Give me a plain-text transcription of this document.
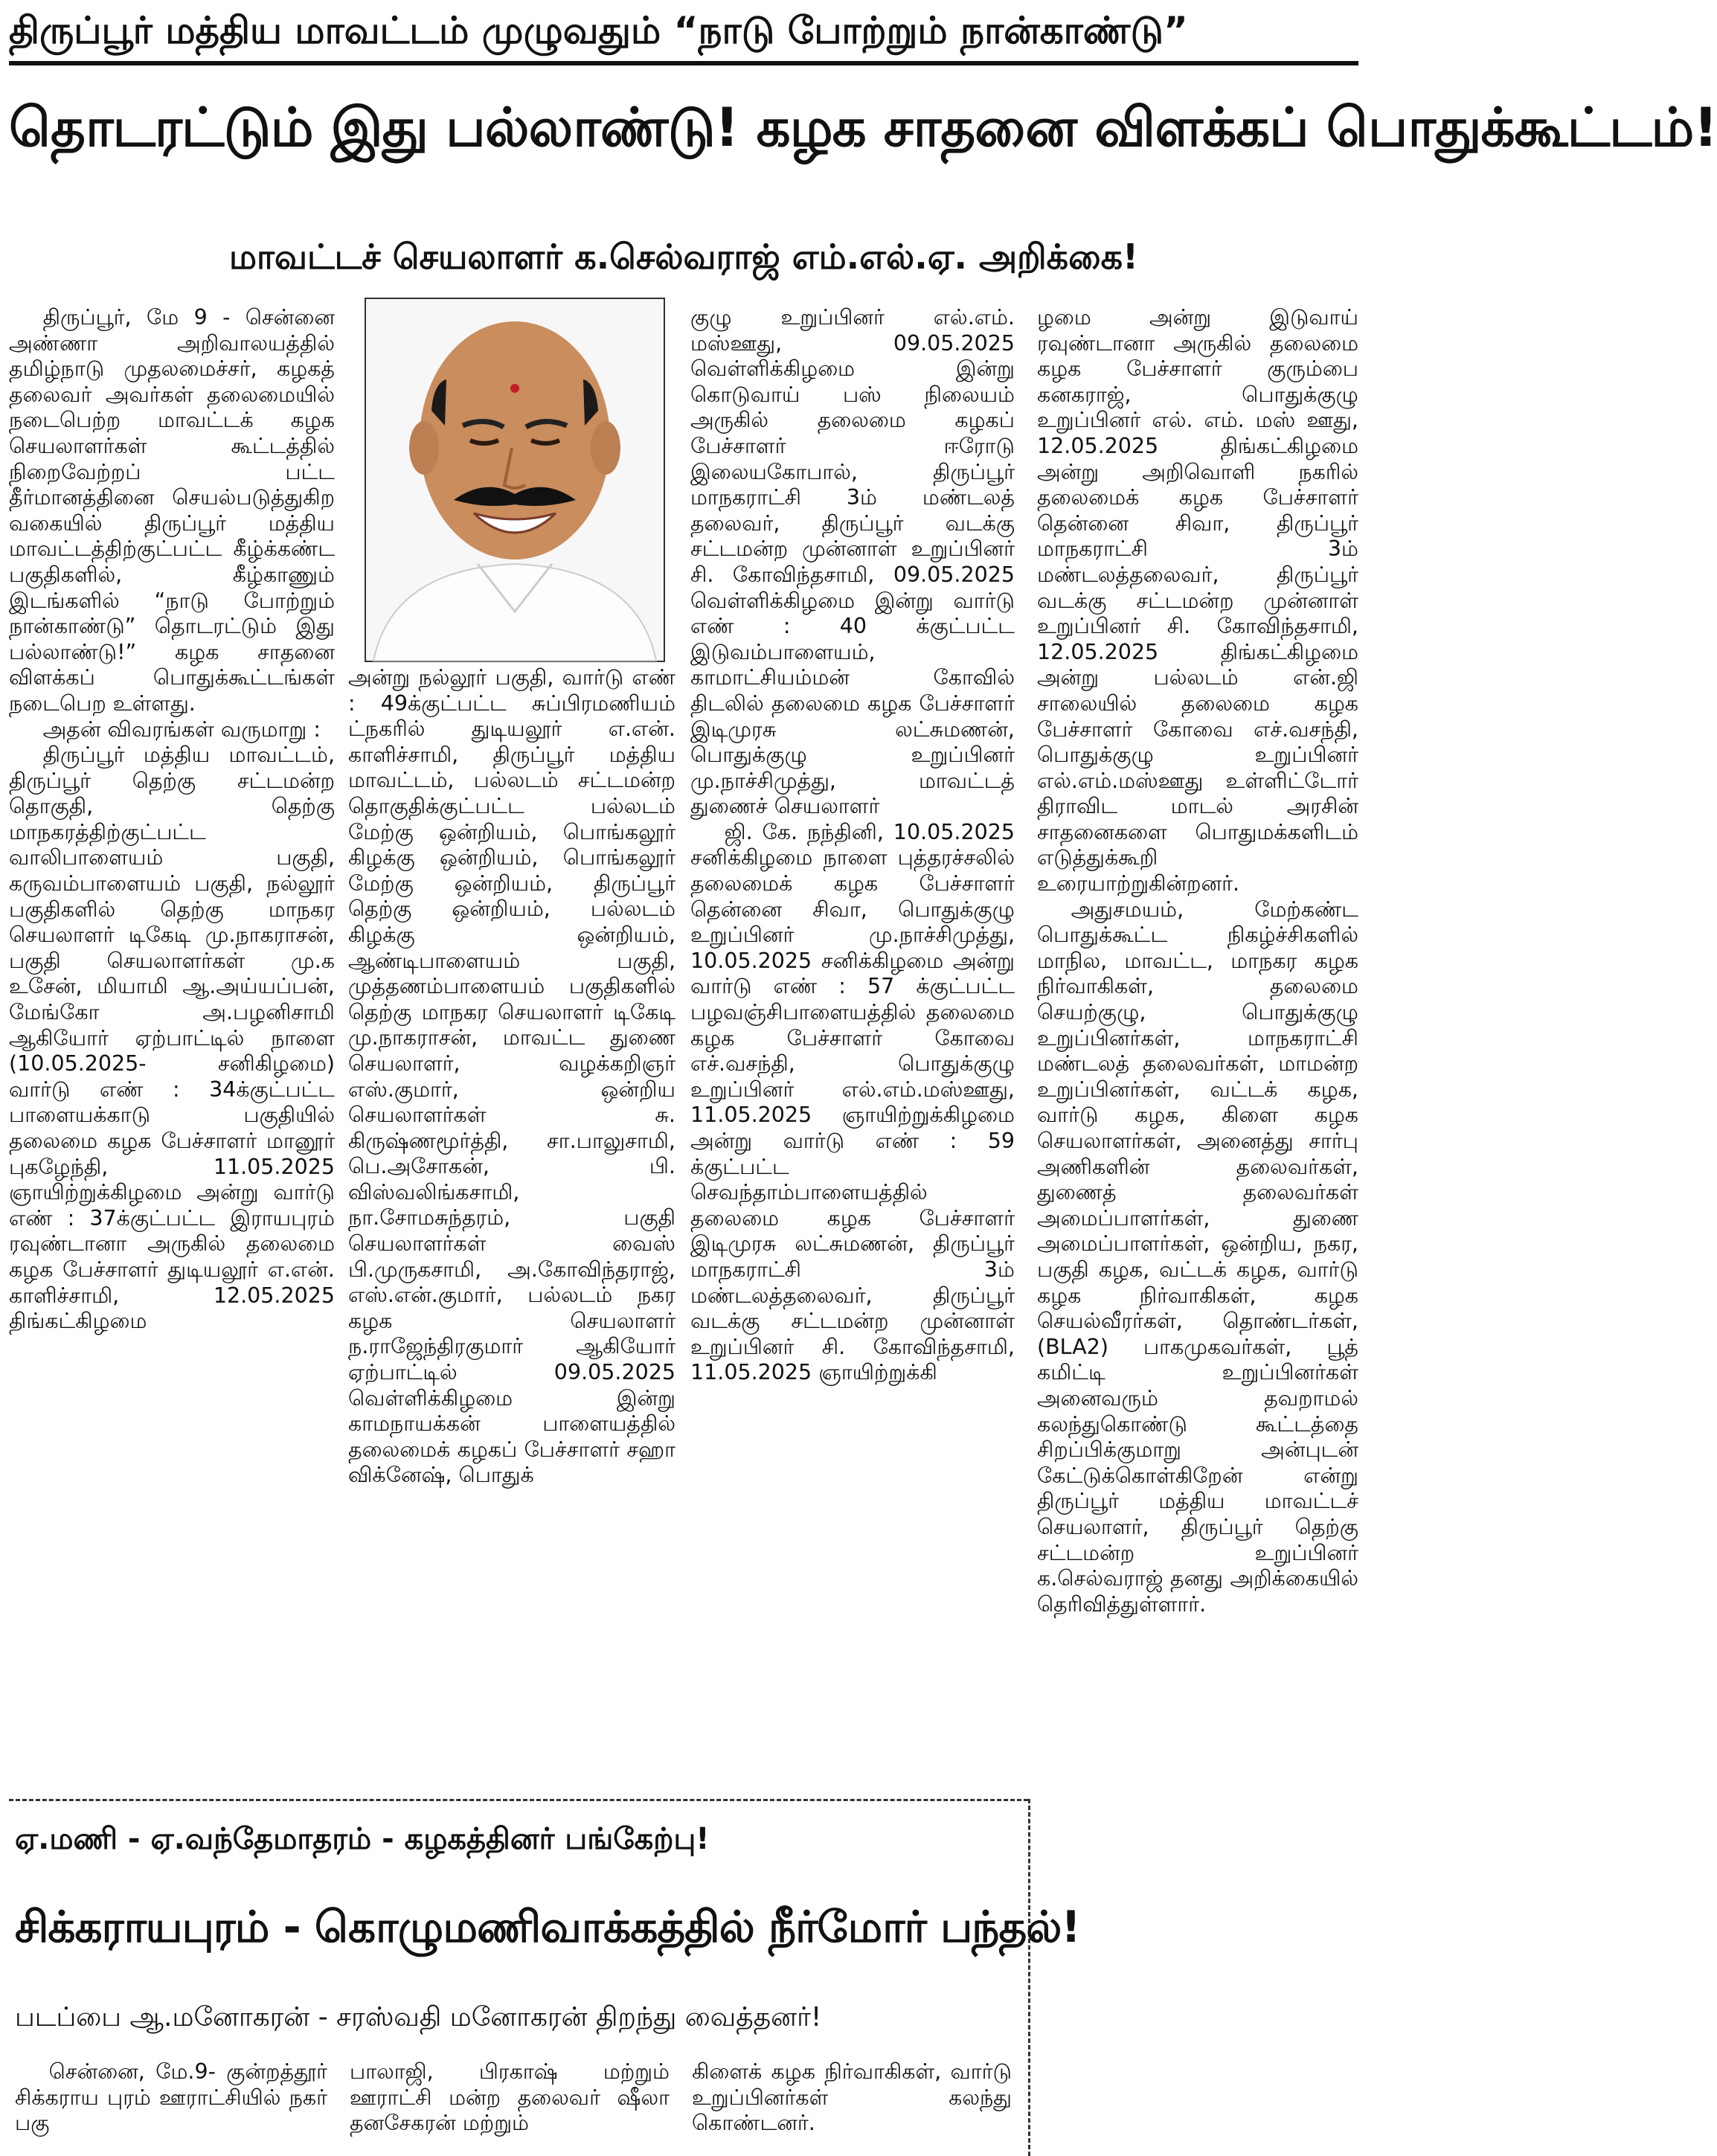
திருப்பூர் மத்திய மாவட்டம் முழுவதும் “நாடு போற்றும் நான்காண்டு”
தொடரட்டும் இது பல்லாண்டு! கழக சாதனை விளக்கப் பொதுக்கூட்டம்!
மாவட்டச் செயலாளர் க.செல்வராஜ் எம்.எல்.ஏ. அறிக்கை!

திருப்பூர், மே 9 - சென்னை அண்ணா அறிவாலயத்தில் தமிழ்நாடு முதலமைச்சர், கழகத் தலைவர் அவர்கள் தலைமையில் நடைபெற்ற மாவட்டக் கழக செயலாளர்கள் கூட்டத்தில் நிறைவேற்றப் பட்ட தீர்மானத்தினை செயல்படுத்துகிற வகையில் திருப்பூர் மத்திய மாவட்டத்திற்குட்பட்ட கீழ்க்கண்ட பகுதிகளில், கீழ்காணும் இடங்களில் “நாடு போற்றும் நான்காண்டு” தொடரட்டும் இது பல்லாண்டு!” கழக சாதனை விளக்கப் பொதுக்கூட்டங்கள் நடைபெற உள்ளது.

அதன் விவரங்கள் வருமாறு :

திருப்பூர் மத்திய மாவட்டம், திருப்பூர் தெற்கு சட்டமன்ற தொகுதி, தெற்கு மாநகரத்திற்குட்பட்ட வாலிபாளையம் பகுதி, கருவம்பாளையம் பகுதி, நல்லூர் பகுதிகளில் தெற்கு மாநகர செயலாளர் டிகேடி மு.நாகராசன், பகுதி செயலாளர்கள் மு.க உசேன், மியாமி ஆ.அய்யப்பன், மேங்கோ அ.பழனிசாமி ஆகியோர் ஏற்பாட்டில் நாளை (10.05.2025- சனிகிழமை) வார்டு எண் : 34க்குட்பட்ட பாளையக்காடு பகுதியில் தலைமை கழக பேச்சாளர் மானூர் புகழேந்தி, 11.05.2025 ஞாயிற்றுக்கிழமை அன்று வார்டு எண் : 37க்குட்பட்ட இராயபுரம் ரவுண்டானா அருகில் தலைமை கழக பேச்சாளர் துடியலூர் எ.என். காளிச்சாமி, 12.05.2025 திங்கட்கிழமை

அன்று நல்லூர் பகுதி, வார்டு எண் : 49க்குட்பட்ட சுப்பிரமணியம் ட்நகரில் துடியலூர் எ.என். காளிச்சாமி, திருப்பூர் மத்திய மாவட்டம், பல்லடம் சட்டமன்ற தொகுதிக்குட்பட்ட பல்லடம் மேற்கு ஒன்றியம், பொங்கலூர் கிழக்கு ஒன்றியம், பொங்கலூர் மேற்கு ஒன்றியம், திருப்பூர் தெற்கு ஒன்றியம், பல்லடம் கிழக்கு ஒன்றியம், ஆண்டிபாளையம் பகுதி, முத்தணம்பாளையம் பகுதிகளில் தெற்கு மாநகர செயலாளர் டிகேடி மு.நாகராசன், மாவட்ட துணை செயலாளர், வழக்கறிஞர் எஸ்.குமார், ஒன்றிய செயலாளர்கள் சு. கிருஷ்ணமூர்த்தி, சா.பாலுசாமி, பெ.அசோகன், பி. விஸ்வலிங்கசாமி, நா.சோமசுந்தரம், பகுதி செயலாளர்கள் வைஸ் பி.முருகசாமி, அ.கோவிந்தராஜ், எஸ்.என்.குமார், பல்லடம் நகர கழக செயலாளர் ந.ராஜேந்திரகுமார் ஆகியோர் ஏற்பாட்டில் 09.05.2025 வெள்ளிக்கிழமை இன்று காமநாயக்கன் பாளையத்தில் தலைமைக் கழகப் பேச்சாளர் சஹா விக்னேஷ், பொதுக்

குழு உறுப்பினர் எல்.எம். மஸ்ஊது, 09.05.2025 வெள்ளிக்கிழமை இன்று கொடுவாய் பஸ் நிலையம் அருகில் தலைமை கழகப் பேச்சாளர் ஈரோடு இலையகோபால், திருப்பூர் மாநகராட்சி 3ம் மண்டலத் தலைவர், திருப்பூர் வடக்கு சட்டமன்ற முன்னாள் உறுப்பினர் சி. கோவிந்தசாமி, 09.05.2025 வெள்ளிக்கிழமை இன்று வார்டு எண் : 40 க்குட்பட்ட இடுவம்பாளையம், காமாட்சியம்மன் கோவில் திடலில் தலைமை கழக பேச்சாளர் இடிமுரசு லட்சுமணன், பொதுக்குழு உறுப்பினர் மு.நாச்சிமுத்து, மாவட்டத் துணைச் செயலாளர்

ஜி. கே. நந்தினி, 10.05.2025 சனிக்கிழமை நாளை புத்தரச்சலில் தலைமைக் கழக பேச்சாளர் தென்னை சிவா, பொதுக்குழு உறுப்பினர் மு.நாச்சிமுத்து, 10.05.2025 சனிக்கிழமை அன்று வார்டு எண் : 57 க்குட்பட்ட பழவஞ்சிபாளையத்தில் தலைமை கழக பேச்சாளர் கோவை எச்.வசந்தி, பொதுக்குழு உறுப்பினர் எல்.எம்.மஸ்ஊது, 11.05.2025 ஞாயிற்றுக்கிழமை அன்று வார்டு எண் : 59 க்குட்பட்ட செவந்தாம்பாளையத்தில் தலைமை கழக பேச்சாளர் இடிமுரசு லட்சுமணன், திருப்பூர் மாநகராட்சி 3ம் மண்டலத்தலைவர், திருப்பூர் வடக்கு சட்டமன்ற முன்னாள் உறுப்பினர் சி. கோவிந்தசாமி, 11.05.2025 ஞாயிற்றுக்கி

ழமை அன்று இடுவாய் ரவுண்டானா அருகில் தலைமை கழக பேச்சாளர் குரும்பை கனகராஜ், பொதுக்குழு உறுப்பினர் எல். எம். மஸ் ஊது, 12.05.2025 திங்கட்கிழமை அன்று அறிவொளி நகரில் தலைமைக் கழக பேச்சாளர் தென்னை சிவா, திருப்பூர் மாநகராட்சி 3ம் மண்டலத்தலைவர், திருப்பூர் வடக்கு சட்டமன்ற முன்னாள் உறுப்பினர் சி. கோவிந்தசாமி, 12.05.2025 திங்கட்கிழமை அன்று பல்லடம் என்.ஜி சாலையில் தலைமை கழக பேச்சாளர் கோவை எச்.வசந்தி, பொதுக்குழு உறுப்பினர் எல்.எம்.மஸ்ஊது உள்ளிட்டோர் திராவிட மாடல் அரசின் சாதனைகளை பொதுமக்களிடம் எடுத்துக்கூறி உரையாற்றுகின்றனர்.

அதுசமயம், மேற்கண்ட பொதுக்கூட்ட நிகழ்ச்சிகளில் மாநில, மாவட்ட, மாநகர கழக நிர்வாகிகள், தலைமை செயற்குழு, பொதுக்குழு உறுப்பினர்கள், மாநகராட்சி மண்டலத் தலைவர்கள், மாமன்ற உறுப்பினர்கள், வட்டக் கழக, வார்டு கழக, கிளை கழக செயலாளர்கள், அனைத்து சார்பு அணிகளின் தலைவர்கள், துணைத் தலைவர்கள் அமைப்பாளர்கள், துணை அமைப்பாளர்கள், ஒன்றிய, நகர, பகுதி கழக, வட்டக் கழக, வார்டு கழக நிர்வாகிகள், கழக செயல்வீரர்கள், தொண்டர்கள், (BLA2) பாகமுகவர்கள், பூத் கமிட்டி உறுப்பினர்கள் அனைவரும் தவறாமல் கலந்துகொண்டு கூட்டத்தை சிறப்பிக்குமாறு அன்புடன் கேட்டுக்கொள்கிறேன் என்று திருப்பூர் மத்திய மாவட்டச் செயலாளர், திருப்பூர் தெற்கு சட்டமன்ற உறுப்பினர் க.செல்வராஜ் தனது அறிக்கையில் தெரிவித்துள்ளார்.

ஏ.மணி - ஏ.வந்தேமாதரம் - கழகத்தினர் பங்கேற்பு!
சிக்கராயபுரம் - கொழுமணிவாக்கத்தில் நீர்மோர் பந்தல்!
படப்பை ஆ.மனோகரன் - சரஸ்வதி மனோகரன் திறந்து வைத்தனர்!

சென்னை, மே.9- குன்றத்தூர் சிக்கராய புரம் ஊராட்சியில் நகர் பகு

பாலாஜி, பிரகாஷ் மற்றும் ஊராட்சி மன்ற தலைவர் ஷீலா தனசேகரன் மற்றும்

கிளைக் கழக நிர்வாகிகள், வார்டு உறுப்பினர்கள் கலந்து கொண்டனர்.
